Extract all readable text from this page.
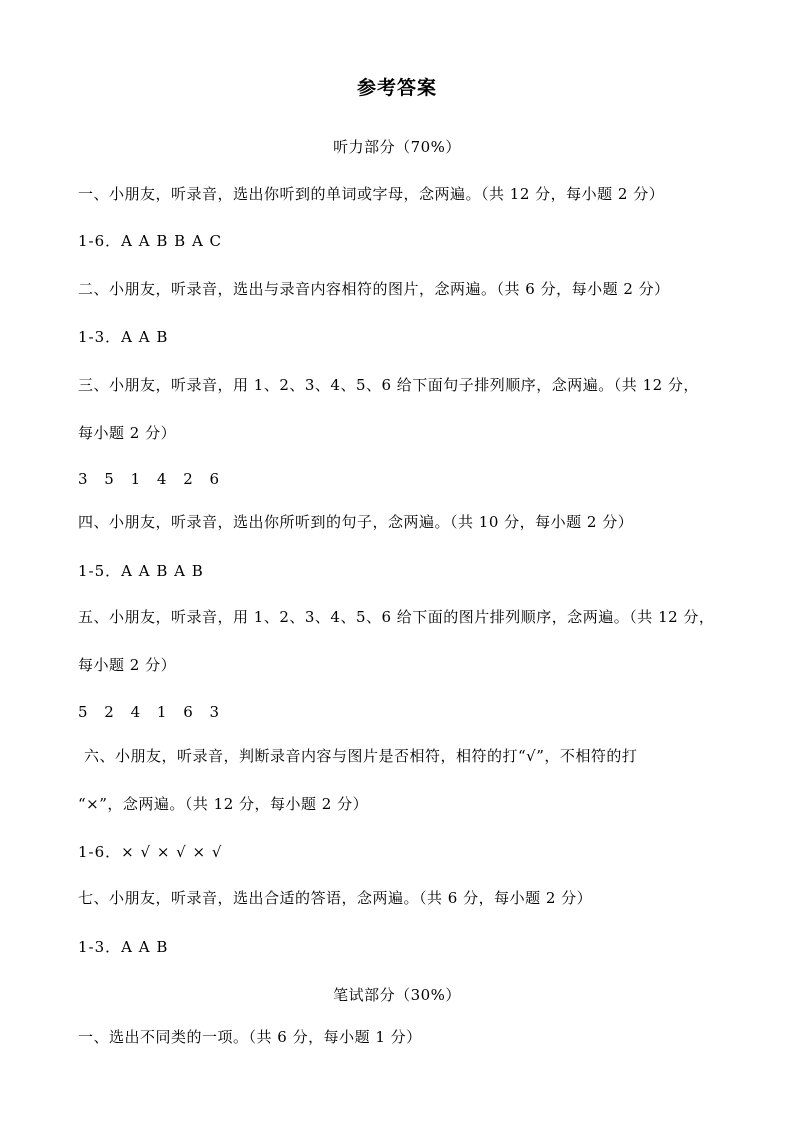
参考答案
听力部分（70%）
一、小朋友，听录音，选出你听到的单词或字母，念两遍。（共 12 分，每小题 2 分）
1-6．A A B B A C
二、小朋友，听录音，选出与录音内容相符的图片，念两遍。（共 6 分，每小题 2 分）
1-3．A A B
三、小朋友，听录音，用 1、2、3、4、5、6 给下面句子排列顺序，念两遍。（共 12 分，
每小题 2 分）
3 5 1 4 2 6
四、小朋友，听录音，选出你所听到的句子，念两遍。（共 10 分，每小题 2 分）
1-5．A A B A B
五、小朋友，听录音，用 1、2、3、4、5、6 给下面的图片排列顺序，念两遍。（共 12 分，
每小题 2 分）
5 2 4 1 6 3
六、小朋友，听录音，判断录音内容与图片是否相符，相符的打“√”，不相符的打
“×”，念两遍。（共 12 分，每小题 2 分）
1-6．× √ × √ × √
七、小朋友，听录音，选出合适的答语，念两遍。（共 6 分，每小题 2 分）
1-3．A A B
笔试部分（30%）
一、选出不同类的一项。（共 6 分，每小题 1 分）
